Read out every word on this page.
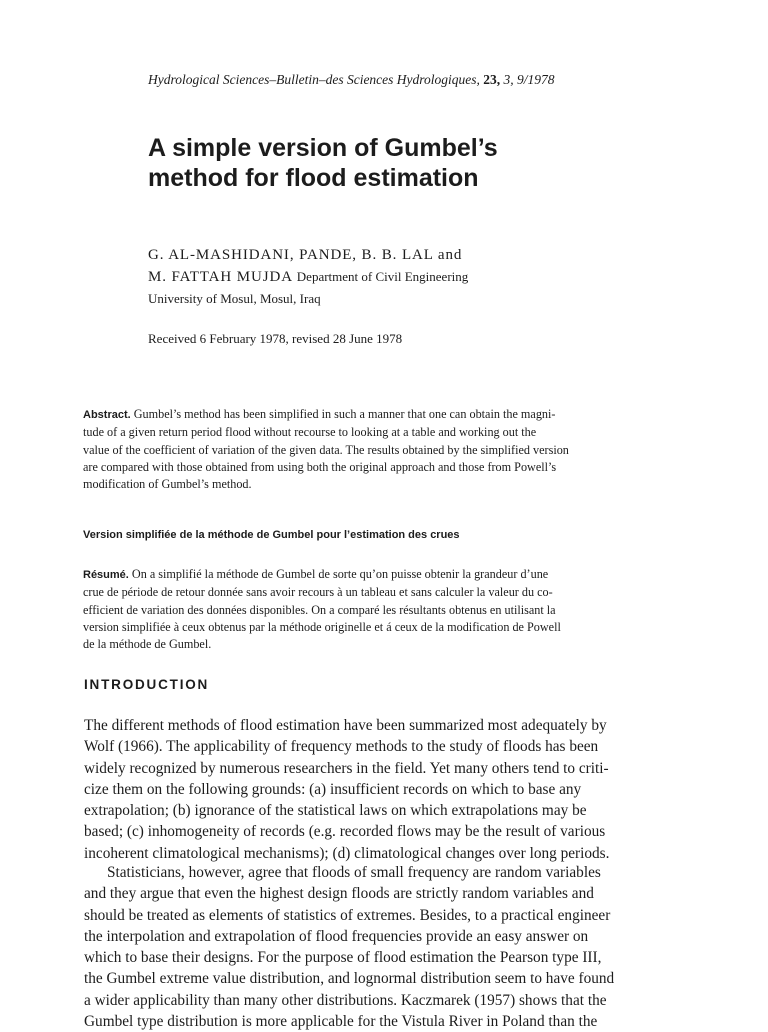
Hydrological Sciences–Bulletin–des Sciences Hydrologiques, 23, 3, 9/1978
A simple version of Gumbel’s
method for flood estimation
G. AL-MASHIDANI, PANDE, B. B. LAL and
M. FATTAH MUJDA Department of Civil Engineering
University of Mosul, Mosul, Iraq
Received 6 February 1978, revised 28 June 1978
Abstract. Gumbel’s method has been simplified in such a manner that one can obtain the magni-
tude of a given return period flood without recourse to looking at a table and working out the
value of the coefficient of variation of the given data. The results obtained by the simplified version
are compared with those obtained from using both the original approach and those from Powell’s
modification of Gumbel’s method.
Version simplifiée de la méthode de Gumbel pour l’estimation des crues
Résumé. On a simplifié la méthode de Gumbel de sorte qu’on puisse obtenir la grandeur d’une
crue de période de retour donnée sans avoir recours à un tableau et sans calculer la valeur du co-
efficient de variation des données disponibles. On a comparé les résultants obtenus en utilisant la
version simplifiée à ceux obtenus par la méthode originelle et á ceux de la modification de Powell
de la méthode de Gumbel.
INTRODUCTION
The different methods of flood estimation have been summarized most adequately by
Wolf (1966). The applicability of frequency methods to the study of floods has been
widely recognized by numerous researchers in the field. Yet many others tend to criti-
cize them on the following grounds: (a) insufficient records on which to base any
extrapolation; (b) ignorance of the statistical laws on which extrapolations may be
based; (c) inhomogeneity of records (e.g. recorded flows may be the result of various
incoherent climatological mechanisms); (d) climatological changes over long periods.
Statisticians, however, agree that floods of small frequency are random variables
and they argue that even the highest design floods are strictly random variables and
should be treated as elements of statistics of extremes. Besides, to a practical engineer
the interpolation and extrapolation of flood frequencies provide an easy answer on
which to base their designs. For the purpose of flood estimation the Pearson type III,
the Gumbel extreme value distribution, and lognormal distribution seem to have found
a wider applicability than many other distributions. Kaczmarek (1957) shows that the
Gumbel type distribution is more applicable for the Vistula River in Poland than the
